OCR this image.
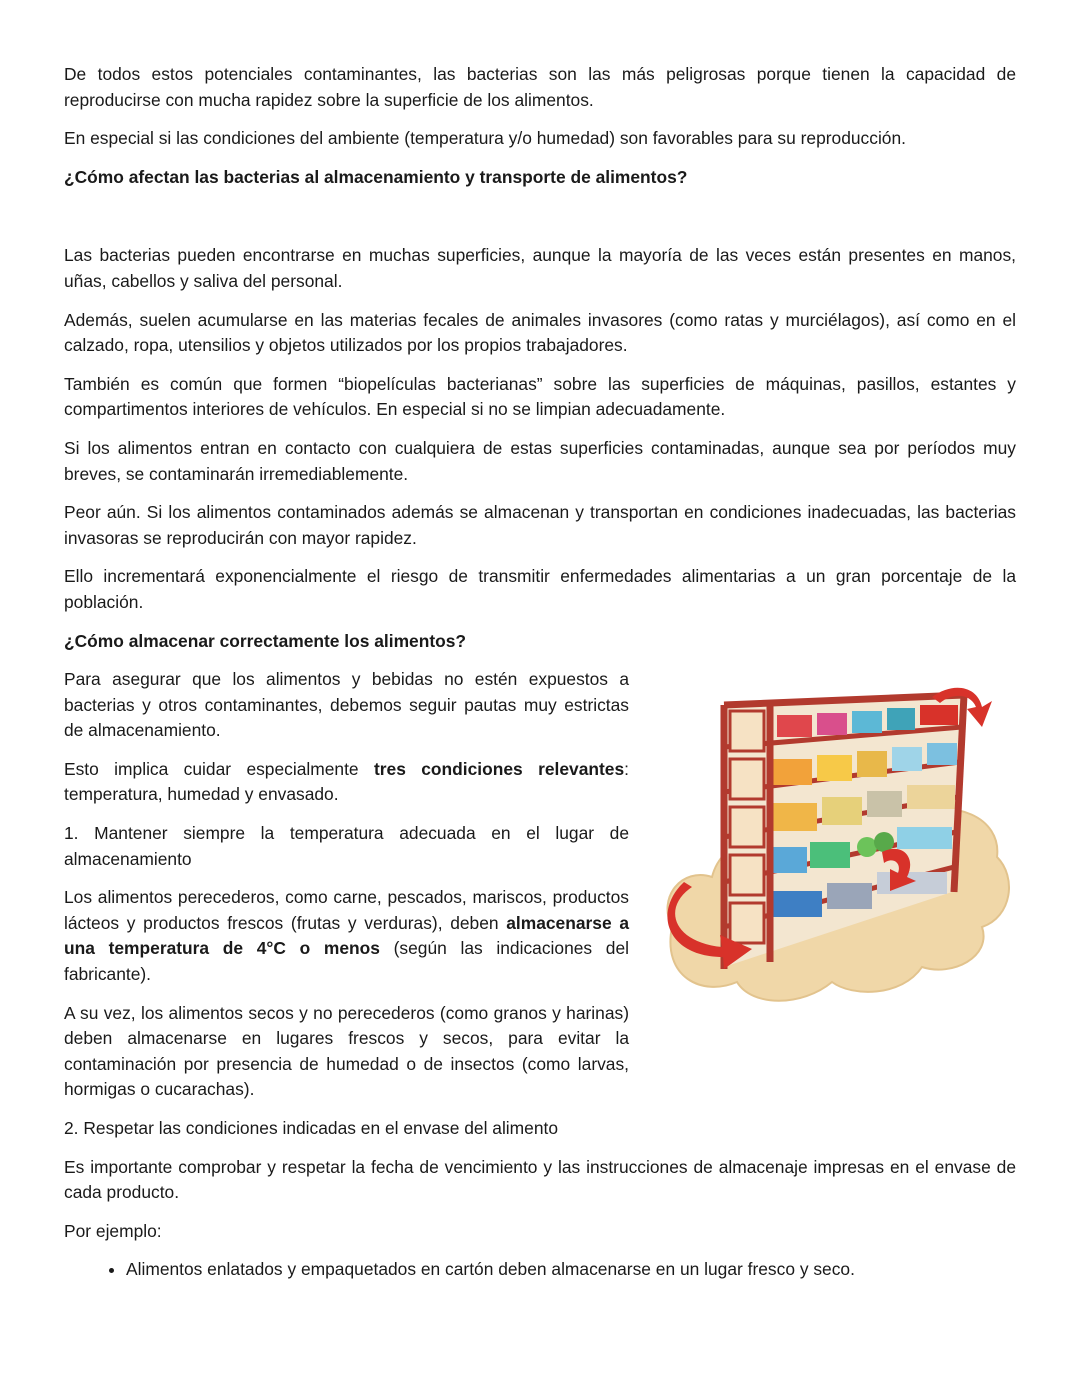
De todos estos potenciales contaminantes, las bacterias son las más peligrosas porque tienen la capacidad de reproducirse con mucha rapidez sobre la superficie de los alimentos.

En especial si las condiciones del ambiente (temperatura y/o humedad) son favorables para su reproducción.

¿Cómo afectan las bacterias al almacenamiento y transporte de alimentos?

Las bacterias pueden encontrarse en muchas superficies, aunque la mayoría de las veces están presentes en manos, uñas, cabellos y saliva del personal.

Además, suelen acumularse en las materias fecales de animales invasores (como ratas y murciélagos), así como en el calzado, ropa, utensilios y objetos utilizados por los propios trabajadores.

También es común que formen “biopelículas bacterianas” sobre las superficies de máquinas, pasillos, estantes y compartimentos interiores de vehículos. En especial si no se limpian adecuadamente.

Si los alimentos entran en contacto con cualquiera de estas superficies contaminadas, aunque sea por períodos muy breves, se contaminarán irremediablemente.

Peor aún. Si los alimentos contaminados además se almacenan y transportan en condiciones inadecuadas, las bacterias invasoras se reproducirán con mayor rapidez.

Ello incrementará exponencialmente el riesgo de transmitir enfermedades alimentarias a un gran porcentaje de la población.

¿Cómo almacenar correctamente los alimentos?

Para asegurar que los alimentos y bebidas no estén expuestos a bacterias y otros contaminantes, debemos seguir pautas muy estrictas de almacenamiento.

Esto implica cuidar especialmente tres condiciones relevantes: temperatura, humedad y envasado.

1. Mantener siempre la temperatura adecuada en el lugar de almacenamiento

Los alimentos perecederos, como carne, pescados, mariscos, productos lácteos y productos frescos (frutas y verduras), deben almacenarse a una temperatura de 4°C o menos (según las indicaciones del fabricante).

A su vez, los alimentos secos y no perecederos (como granos y harinas) deben almacenarse en lugares frescos y secos, para evitar la contaminación por presencia de humedad o de insectos (como larvas, hormigas o cucarachas).

2. Respetar las condiciones indicadas en el envase del alimento

Es importante comprobar y respetar la fecha de vencimiento y las instrucciones de almacenaje impresas en el envase de cada producto.

Por ejemplo:

• Alimentos enlatados y empaquetados en cartón deben almacenarse en un lugar fresco y seco.
